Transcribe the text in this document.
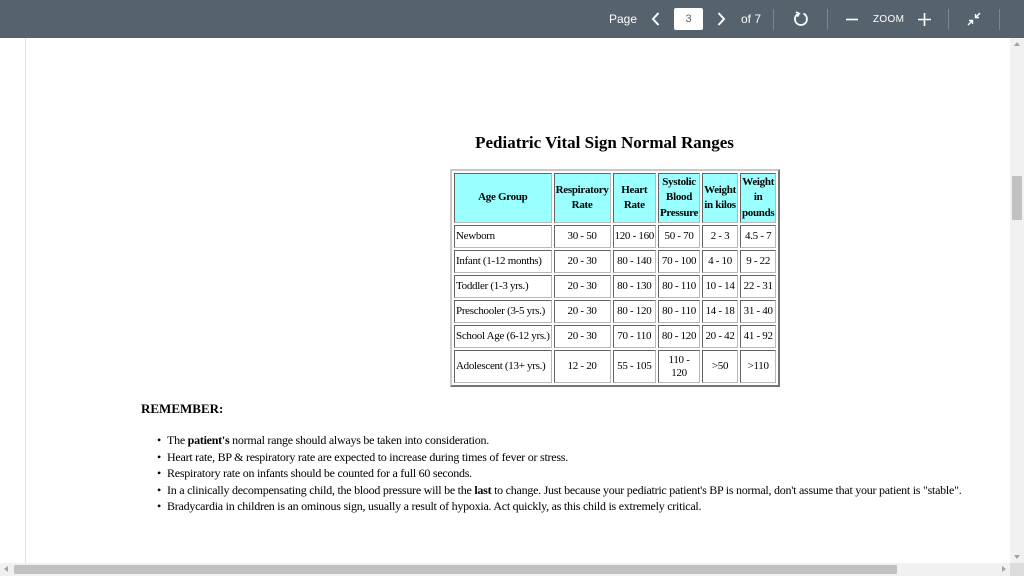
Page	3	of 7	ZOOM
Pediatric Vital Sign Normal Ranges
Age Group	Respiratory Rate	Heart Rate	Systolic Blood Pressure	Weight in kilos	Weight in pounds
Newborn	30 - 50	120 - 160	50 - 70	2 - 3	4.5 - 7
Infant (1-12 months)	20 - 30	80 - 140	70 - 100	4 - 10	9 - 22
Toddler (1-3 yrs.)	20 - 30	80 - 130	80 - 110	10 - 14	22 - 31
Preschooler (3-5 yrs.)	20 - 30	80 - 120	80 - 110	14 - 18	31 - 40
School Age (6-12 yrs.)	20 - 30	70 - 110	80 - 120	20 - 42	41 - 92
Adolescent (13+ yrs.)	12 - 20	55 - 105	110 - 120	>50	>110
REMEMBER:
• The patient's normal range should always be taken into consideration.
• Heart rate, BP & respiratory rate are expected to increase during times of fever or stress.
• Respiratory rate on infants should be counted for a full 60 seconds.
• In a clinically decompensating child, the blood pressure will be the last to change. Just because your pediatric patient's BP is normal, don't assume that your patient is "stable".
• Bradycardia in children is an ominous sign, usually a result of hypoxia. Act quickly, as this child is extremely critical.
